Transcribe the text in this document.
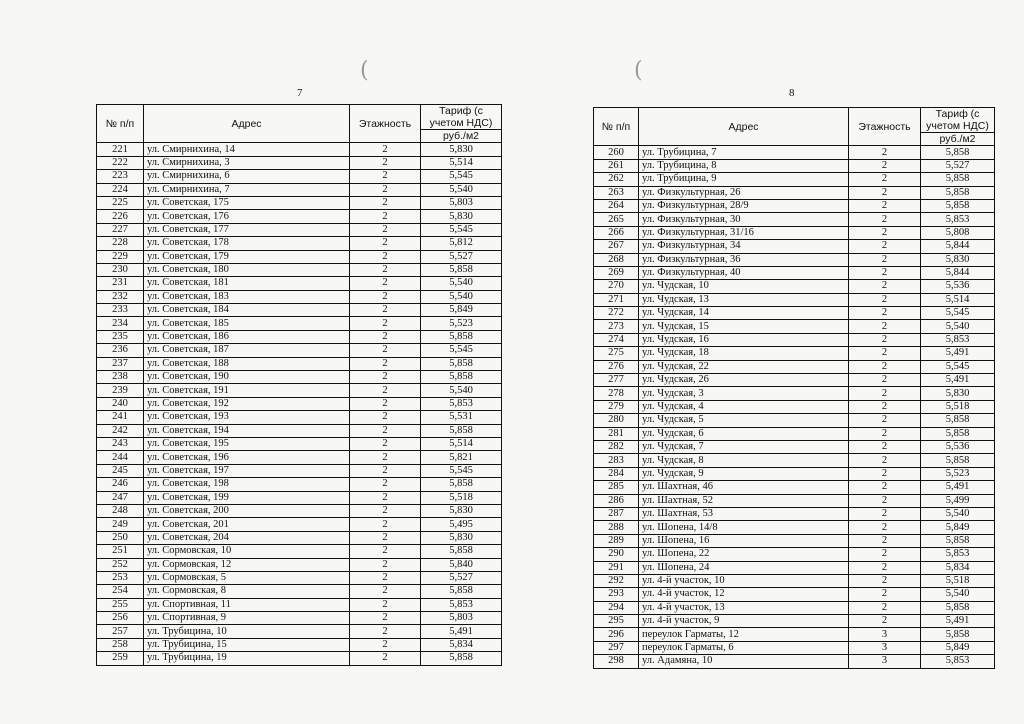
(	(
7	8
№ п/п	Адрес	Этажность	Тариф (с учетом НДС)
			руб./м2
221	ул. Смирнихина, 14	2	5,830
222	ул. Смирнихина, 3	2	5,514
223	ул. Смирнихина, 6	2	5,545
224	ул. Смирнихина, 7	2	5,540
225	ул. Советская, 175	2	5,803
226	ул. Советская, 176	2	5,830
227	ул. Советская, 177	2	5,545
228	ул. Советская, 178	2	5,812
229	ул. Советская, 179	2	5,527
230	ул. Советская, 180	2	5,858
231	ул. Советская, 181	2	5,540
232	ул. Советская, 183	2	5,540
233	ул. Советская, 184	2	5,849
234	ул. Советская, 185	2	5,523
235	ул. Советская, 186	2	5,858
236	ул. Советская, 187	2	5,545
237	ул. Советская, 188	2	5,858
238	ул. Советская, 190	2	5,858
239	ул. Советская, 191	2	5,540
240	ул. Советская, 192	2	5,853
241	ул. Советская, 193	2	5,531
242	ул. Советская, 194	2	5,858
243	ул. Советская, 195	2	5,514
244	ул. Советская, 196	2	5,821
245	ул. Советская, 197	2	5,545
246	ул. Советская, 198	2	5,858
247	ул. Советская, 199	2	5,518
248	ул. Советская, 200	2	5,830
249	ул. Советская, 201	2	5,495
250	ул. Советская, 204	2	5,830
251	ул. Сормовская, 10	2	5,858
252	ул. Сормовская, 12	2	5,840
253	ул. Сормовская, 5	2	5,527
254	ул. Сормовская, 8	2	5,858
255	ул. Спортивная, 11	2	5,853
256	ул. Спортивная, 9	2	5,803
257	ул. Трубицина, 10	2	5,491
258	ул. Трубицина, 15	2	5,834
259	ул. Трубицина, 19	2	5,858
№ п/п	Адрес	Этажность	Тариф (с учетом НДС)
			руб./м2
260	ул. Трубицина, 7	2	5,858
261	ул. Трубицина, 8	2	5,527
262	ул. Трубицина, 9	2	5,858
263	ул. Физкультурная, 26	2	5,858
264	ул. Физкультурная, 28/9	2	5,858
265	ул. Физкультурная, 30	2	5,853
266	ул. Физкультурная, 31/16	2	5,808
267	ул. Физкультурная, 34	2	5,844
268	ул. Физкультурная, 36	2	5,830
269	ул. Физкультурная, 40	2	5,844
270	ул. Чудская, 10	2	5,536
271	ул. Чудская, 13	2	5,514
272	ул. Чудская, 14	2	5,545
273	ул. Чудская, 15	2	5,540
274	ул. Чудская, 16	2	5,853
275	ул. Чудская, 18	2	5,491
276	ул. Чудская, 22	2	5,545
277	ул. Чудская, 26	2	5,491
278	ул. Чудская, 3	2	5,830
279	ул. Чудская, 4	2	5,518
280	ул. Чудская, 5	2	5,858
281	ул. Чудская, 6	2	5,858
282	ул. Чудская, 7	2	5,536
283	ул. Чудская, 8	2	5,858
284	ул. Чудская, 9	2	5,523
285	ул. Шахтная, 46	2	5,491
286	ул. Шахтная, 52	2	5,499
287	ул. Шахтная, 53	2	5,540
288	ул. Шопена, 14/8	2	5,849
289	ул. Шопена, 16	2	5,858
290	ул. Шопена, 22	2	5,853
291	ул. Шопена, 24	2	5,834
292	ул. 4-й участок, 10	2	5,518
293	ул. 4-й участок, 12	2	5,540
294	ул. 4-й участок, 13	2	5,858
295	ул. 4-й участок, 9	2	5,491
296	переулок Гарматы, 12	3	5,858
297	переулок Гарматы, 6	3	5,849
298	ул. Адамяна, 10	3	5,853
